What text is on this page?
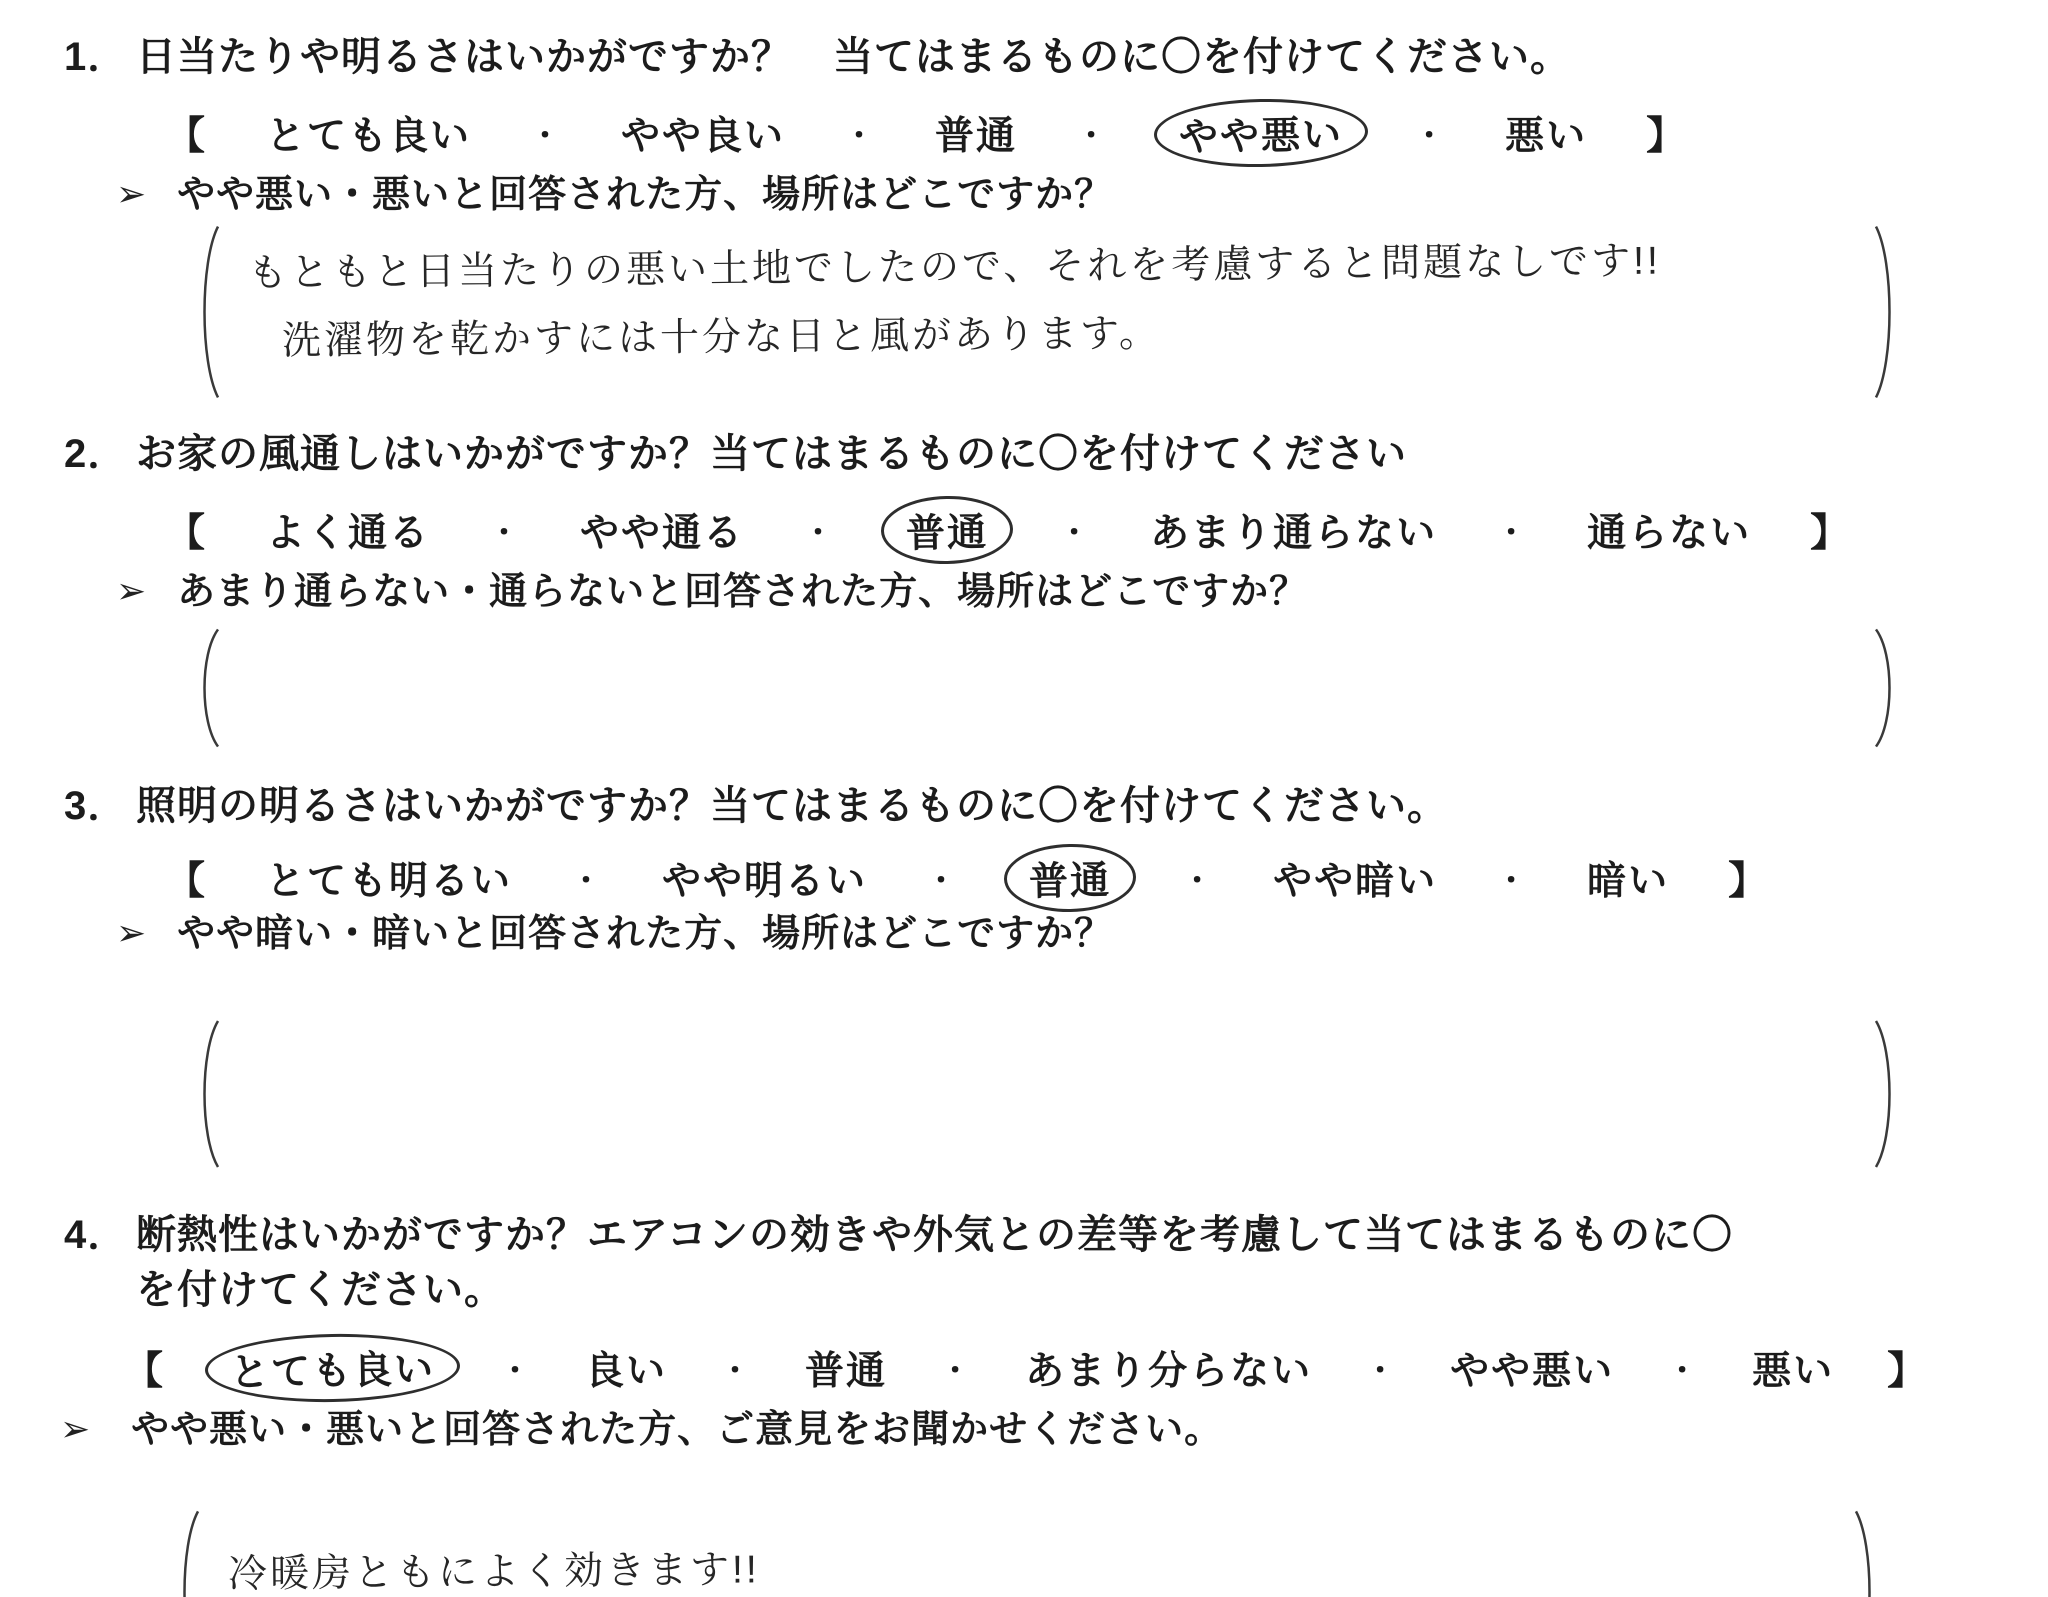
1． 日当たりや明るさはいかがですか？　当てはまるものに〇を付けてください。
【	とても良い	・	やや良い	・	普通	・	やや悪い	・	悪い	】
➢ やや悪い・悪いと回答された方、場所はどこですか？
もともと日当たりの悪い土地でしたので、それを考慮すると問題なしです!!
洗濯物を乾かすには十分な日と風があります。
2． お家の風通しはいかがですか？当てはまるものに〇を付けてください
【	よく通る	・	やや通る	・	普通	・	あまり通らない	・	通らない	】
➢ あまり通らない・通らないと回答された方、場所はどこですか？
3． 照明の明るさはいかがですか？当てはまるものに〇を付けてください。
【	とても明るい	・	やや明るい	・	普通	・	やや暗い	・	暗い	】
➢ やや暗い・暗いと回答された方、場所はどこですか？
4． 断熱性はいかがですか？エアコンの効きや外気との差等を考慮して当てはまるものに〇を付けてください。
【	とても良い	・	良い	・	普通	・	あまり分らない	・	やや悪い	・	悪い	】
➢ やや悪い・悪いと回答された方、ご意見をお聞かせください。
冷暖房ともによく効きます!!
